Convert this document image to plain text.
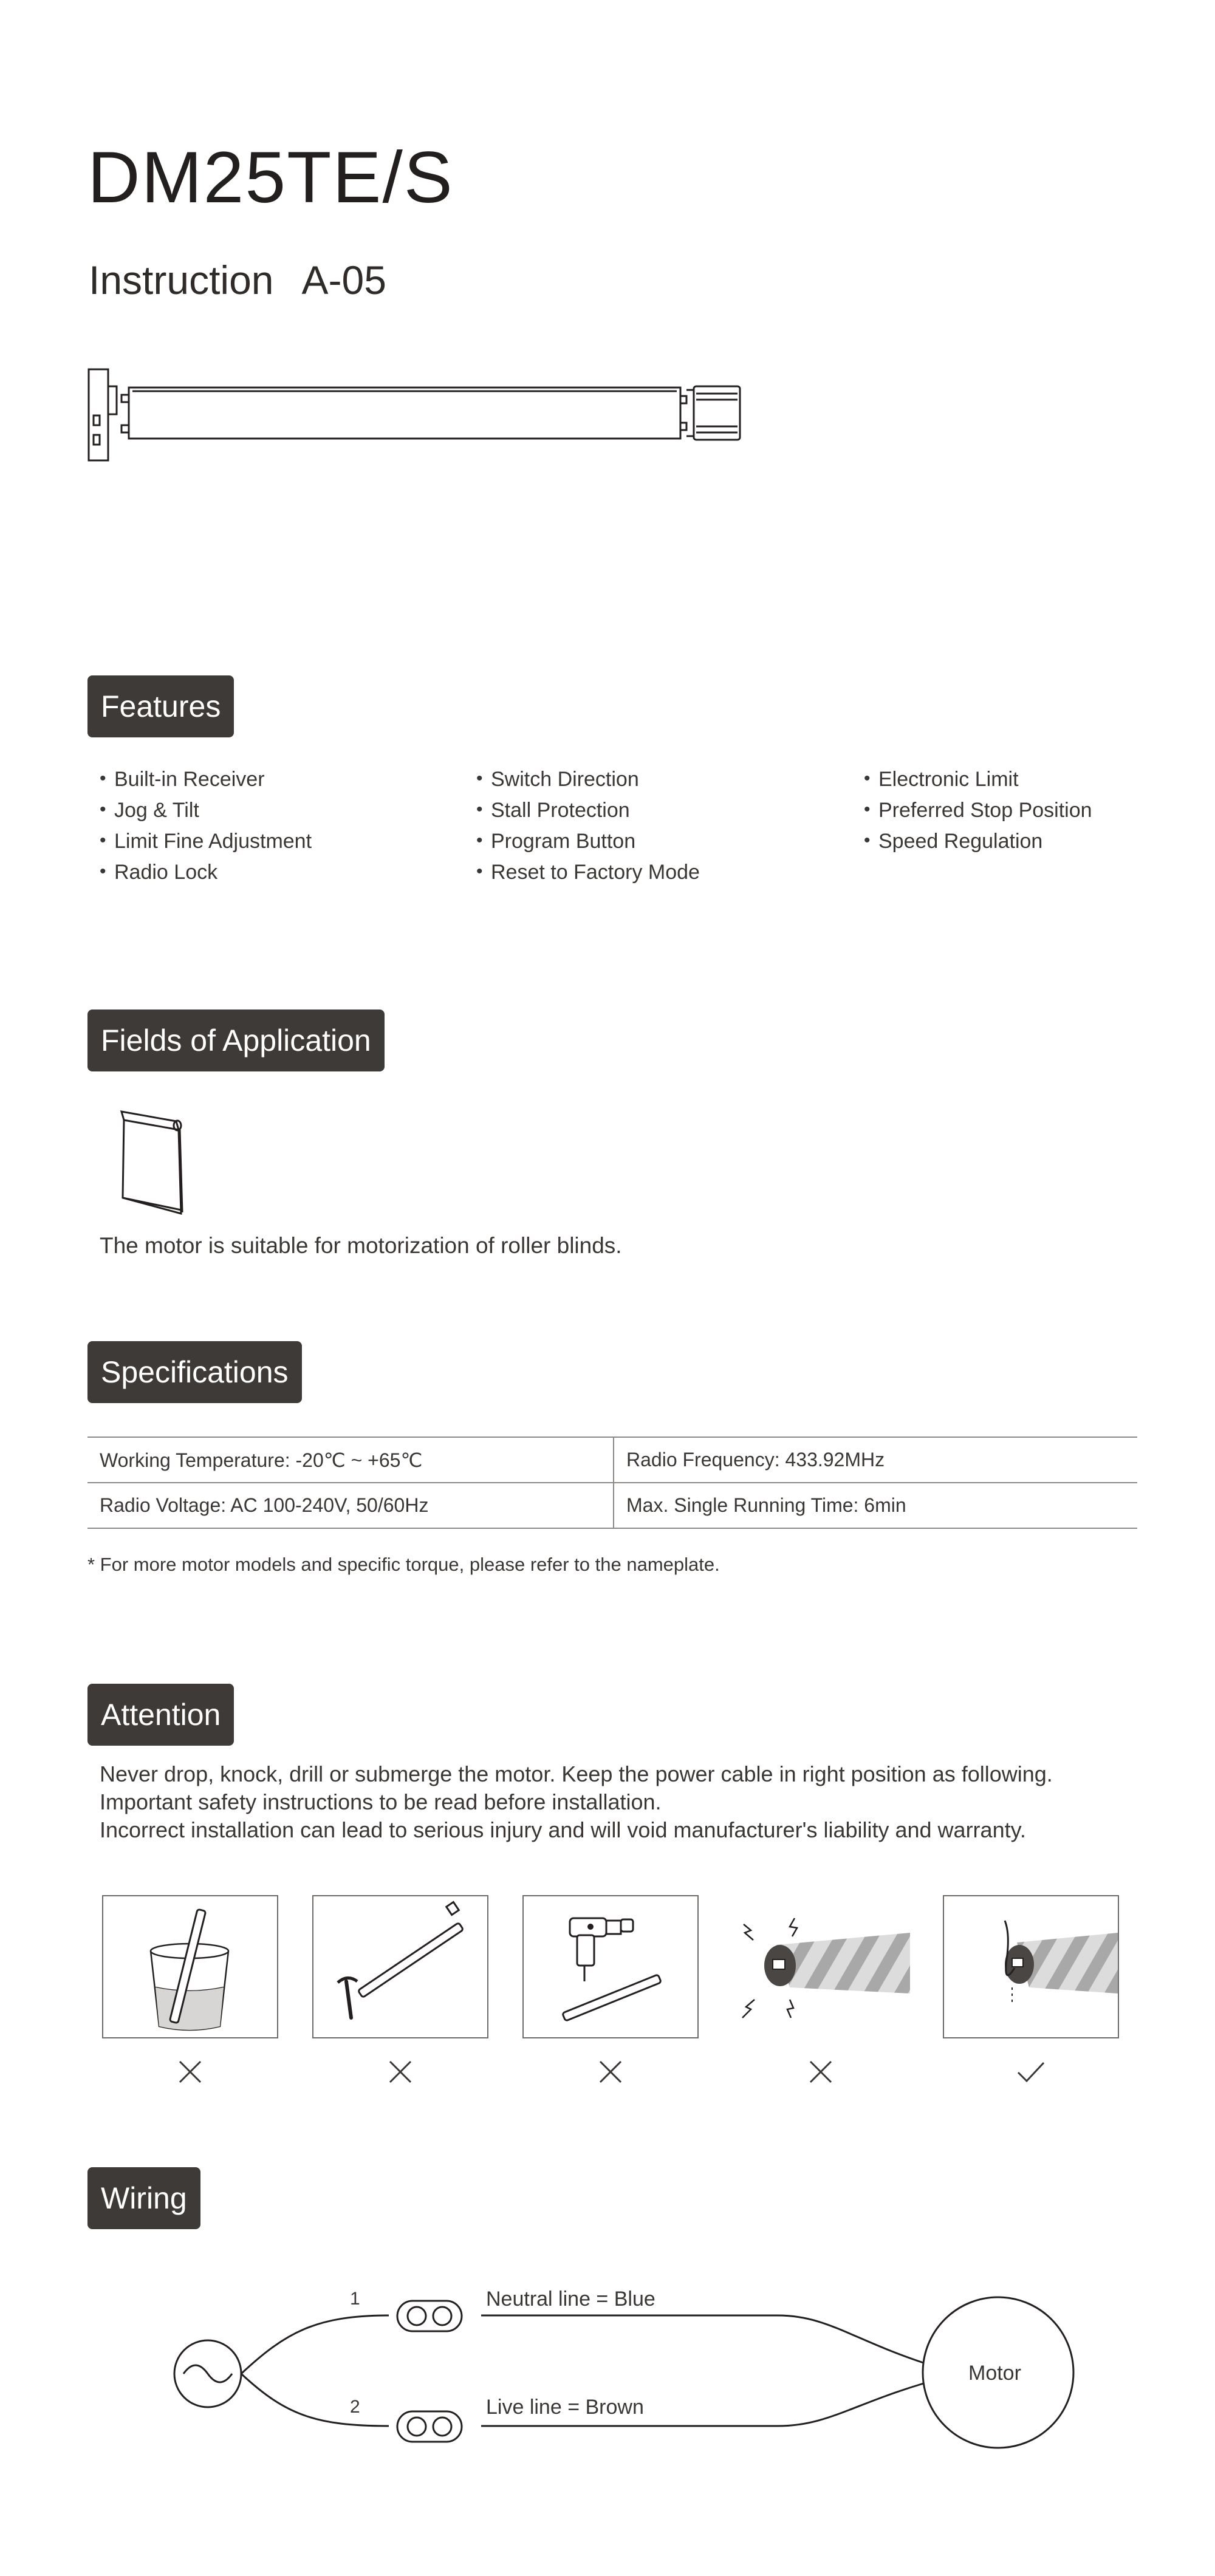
DM25TE/S
Instruction A-05
Features
• Built-in Receiver
• Jog & Tilt
• Limit Fine Adjustment
• Radio Lock
• Switch Direction
• Stall Protection
• Program Button
• Reset to Factory Mode
• Electronic Limit
• Preferred Stop Position
• Speed Regulation
Fields of Application
The motor is suitable for motorization of roller blinds.
Specifications
Working Temperature: -20℃ ~ +65℃	Radio Frequency: 433.92MHz
Radio Voltage: AC 100-240V, 50/60Hz	Max. Single Running Time: 6min
* For more motor models and specific torque, please refer to the nameplate.
Attention
Never drop, knock, drill or submerge the motor. Keep the power cable in right position as following.
Important safety instructions to be read before installation.
Incorrect installation can lead to serious injury and will void manufacturer's liability and warranty.
Wiring
1
2
Neutral line = Blue
Live line = Brown
Motor
